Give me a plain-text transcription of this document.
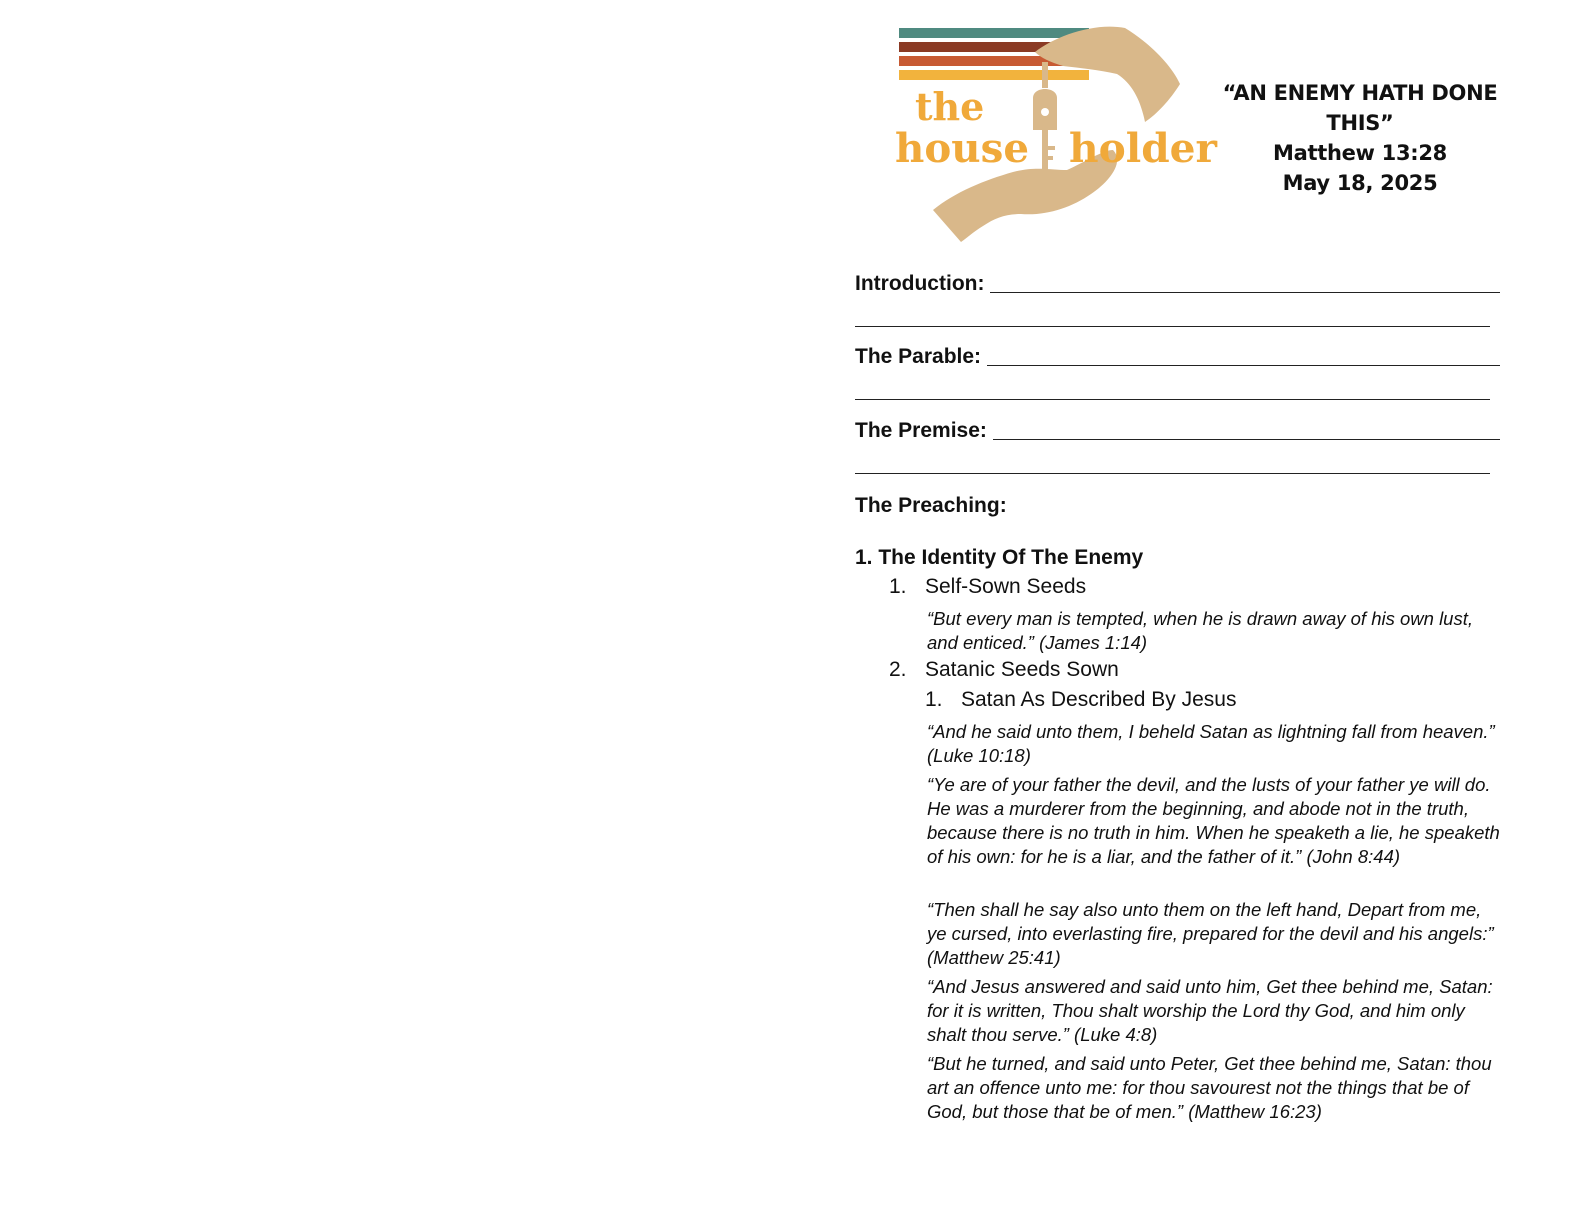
the
house holder
“AN ENEMY HATH DONE THIS”
Matthew 13:28
May 18, 2025
Introduction:
The Parable:
The Premise:
The Preaching:
1. The Identity Of The Enemy
1. Self-Sown Seeds
“But every man is tempted, when he is drawn away of his own lust, and enticed.” (James 1:14)
2. Satanic Seeds Sown
1. Satan As Described By Jesus
“And he said unto them, I beheld Satan as lightning fall from heaven.” (Luke 10:18)
“Ye are of your father the devil, and the lusts of your father ye will do. He was a murderer from the beginning, and abode not in the truth, because there is no truth in him. When he speaketh a lie, he speaketh of his own: for he is a liar, and the father of it.” (John 8:44)
“Then shall he say also unto them on the left hand, Depart from me, ye cursed, into everlasting fire, prepared for the devil and his angels:” (Matthew 25:41)
“And Jesus answered and said unto him, Get thee behind me, Satan: for it is written, Thou shalt worship the Lord thy God, and him only shalt thou serve.” (Luke 4:8)
“But he turned, and said unto Peter, Get thee behind me, Satan: thou art an offence unto me: for thou savourest not the things that be of God, but those that be of men.” (Matthew 16:23)
